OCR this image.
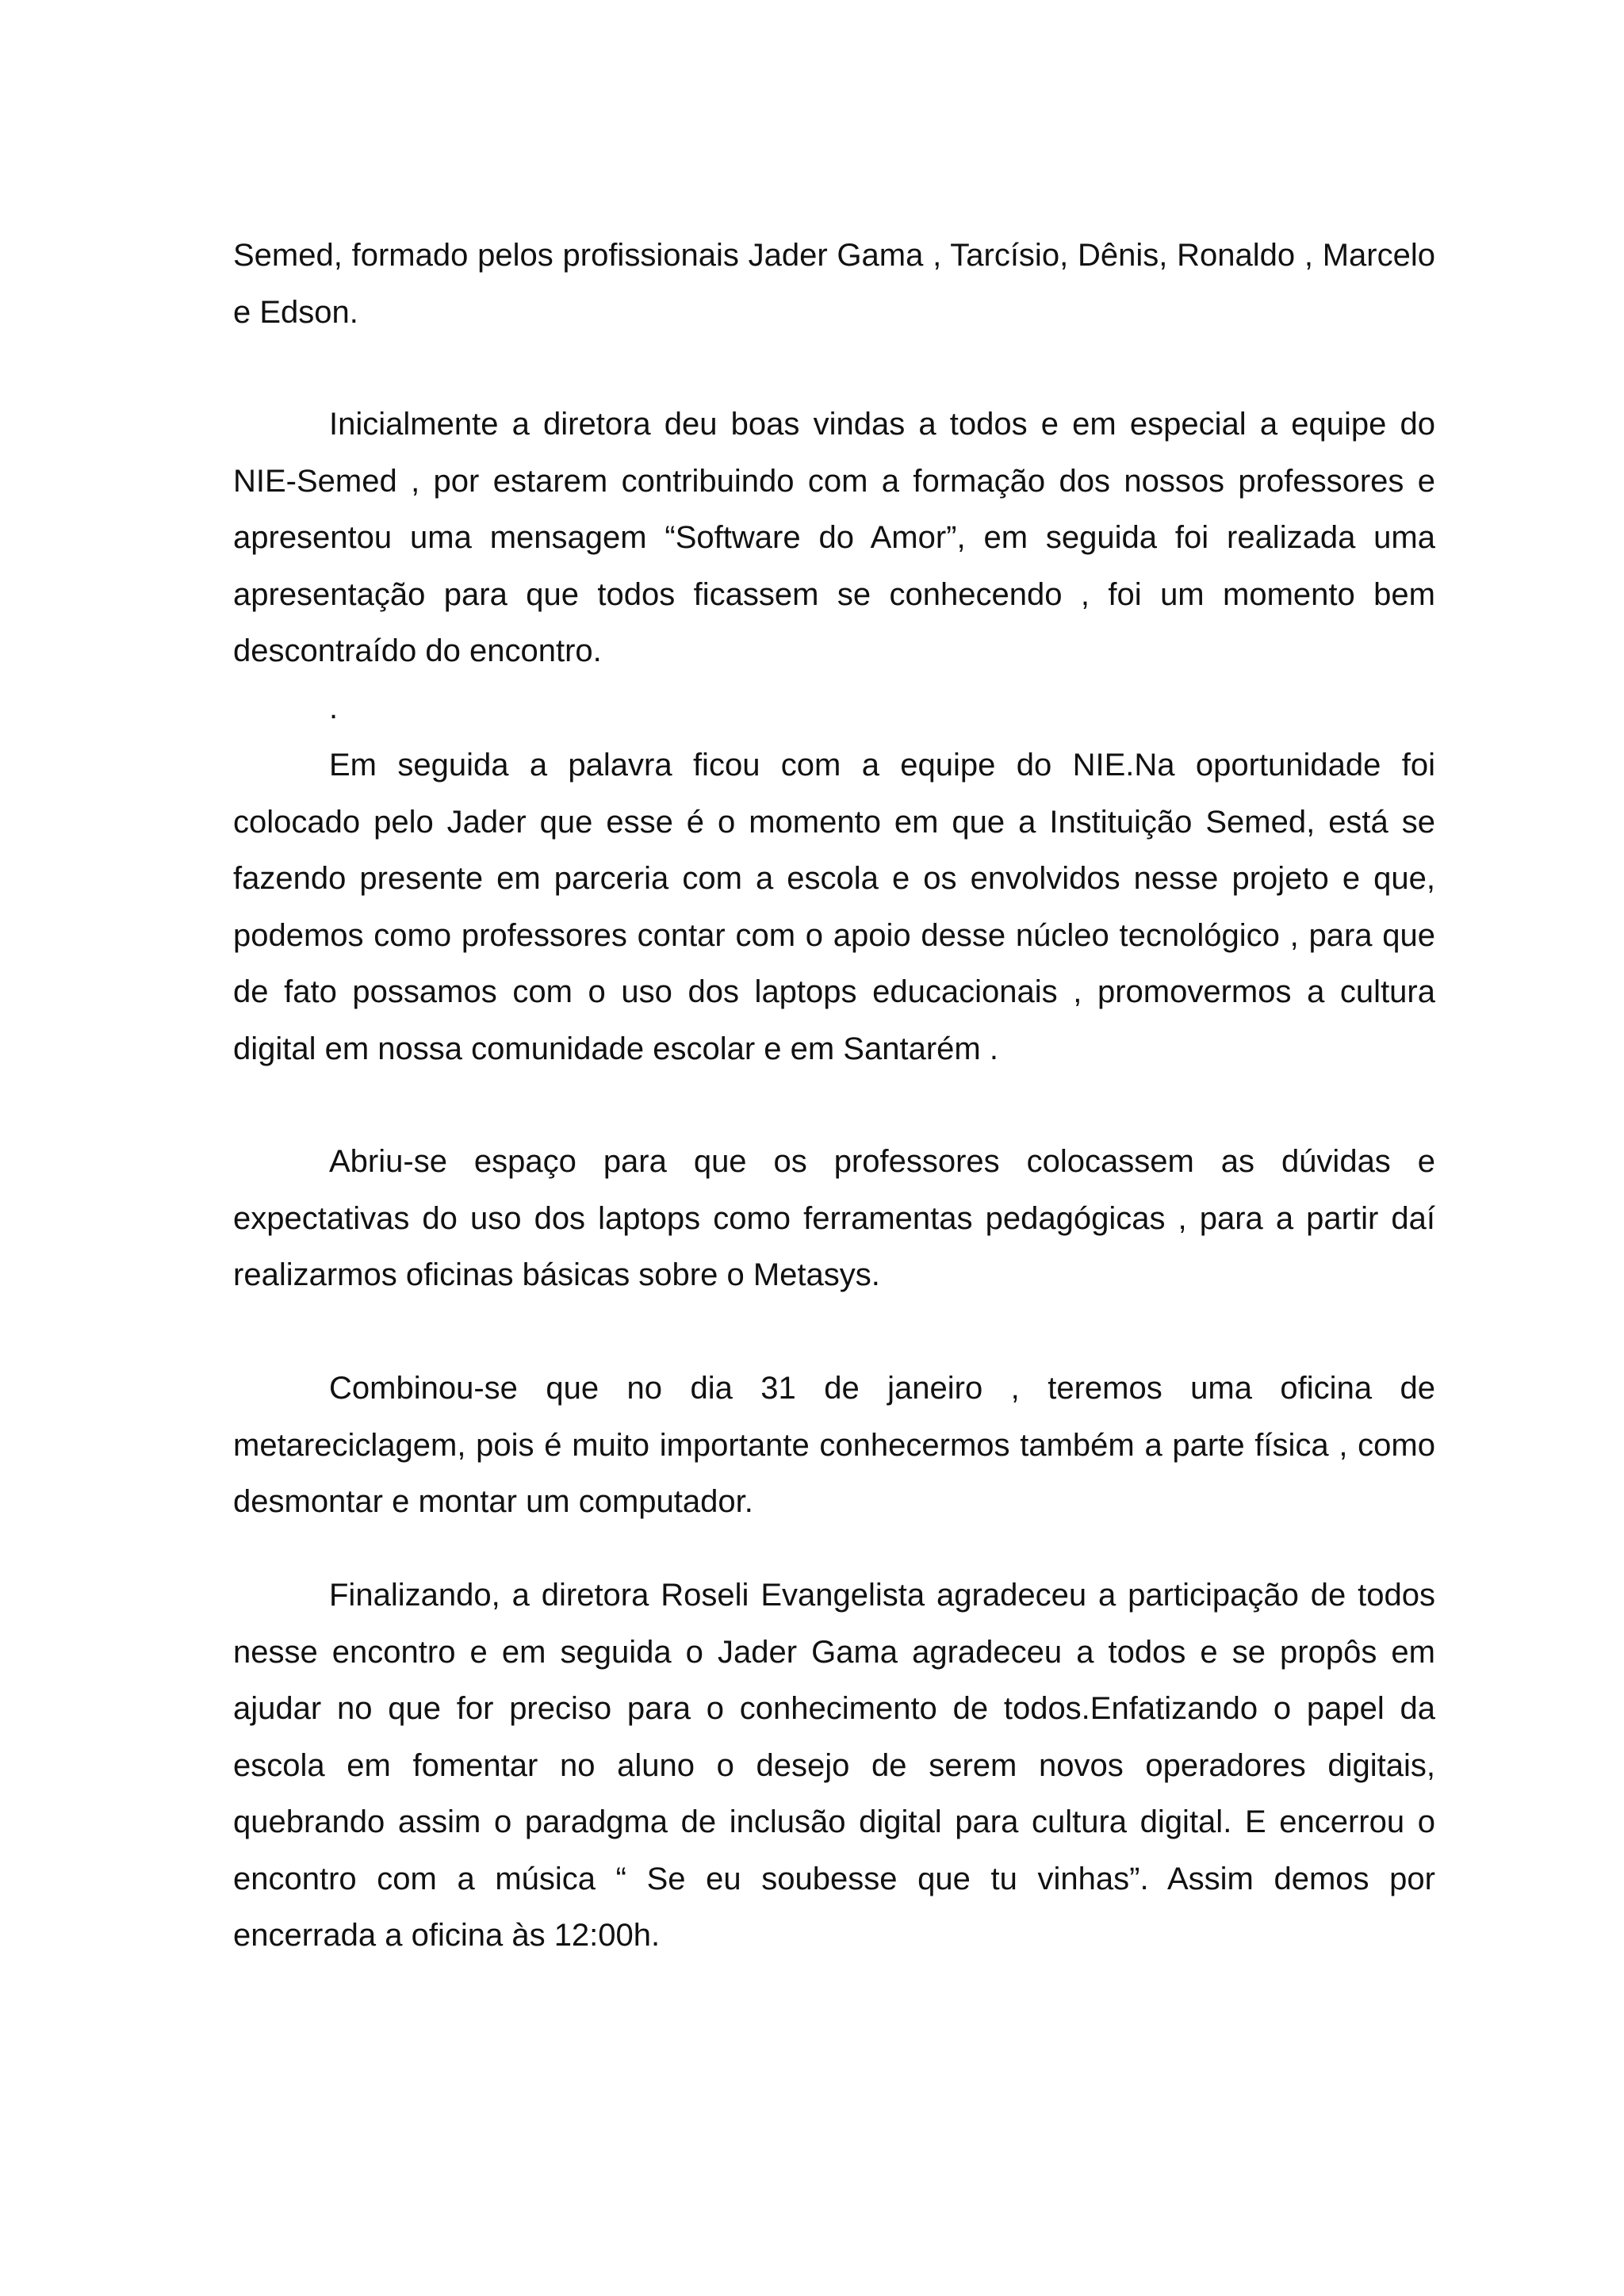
Semed, formado pelos profissionais Jader Gama , Tarcísio, Dênis, Ronaldo , Marcelo e Edson.

Inicialmente a diretora deu boas vindas a todos e em especial a equipe do NIE-Semed , por estarem contribuindo com a formação dos nossos professores e apresentou uma mensagem “Software do Amor”, em seguida foi realizada uma apresentação para que todos ficassem se conhecendo , foi um momento bem descontraído do encontro.

.

Em seguida a palavra ficou com a equipe do NIE.Na oportunidade foi colocado pelo Jader que esse é o momento em que a Instituição Semed, está se fazendo presente em parceria com a escola e os envolvidos nesse projeto e que, podemos como professores contar com o apoio desse núcleo tecnológico , para que de fato possamos com o uso dos laptops educacionais , promovermos a cultura digital em nossa comunidade escolar e em Santarém .

Abriu-se espaço para que os professores colocassem as dúvidas e expectativas do uso dos laptops como ferramentas pedagógicas , para a partir daí realizarmos oficinas básicas sobre o Metasys.

Combinou-se que no dia 31 de janeiro , teremos uma oficina de metareciclagem, pois é muito importante conhecermos também a parte física , como desmontar e montar um computador.

Finalizando, a diretora Roseli Evangelista agradeceu a participação de todos nesse encontro e em seguida o Jader Gama agradeceu a todos e se propôs em ajudar no que for preciso para o conhecimento de todos.Enfatizando o papel da escola em fomentar no aluno o desejo de serem novos operadores digitais, quebrando assim o paradgma de inclusão digital para cultura digital. E encerrou o encontro com a música “ Se eu soubesse que tu vinhas”. Assim demos por encerrada a oficina às 12:00h.
